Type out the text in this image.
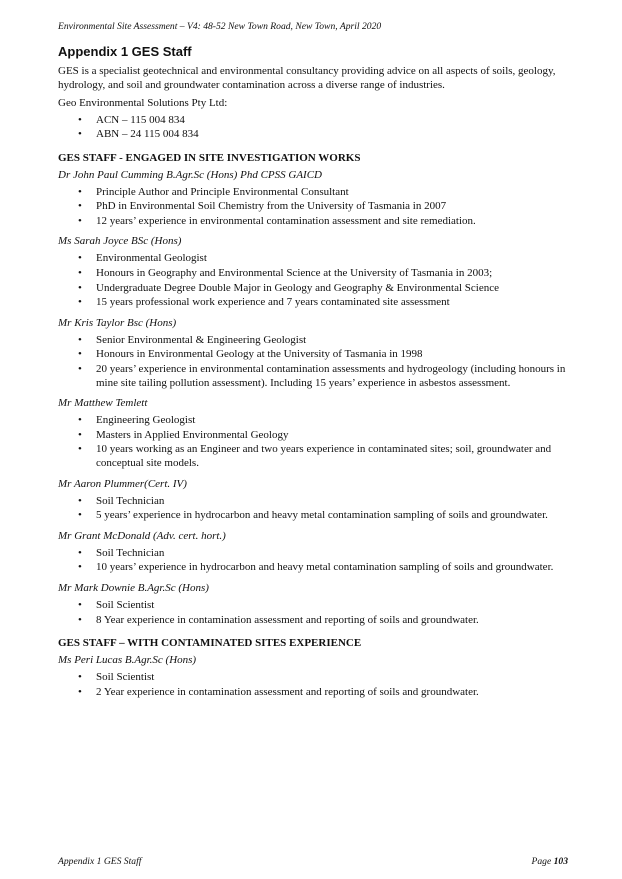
Environmental Site Assessment – V4: 48-52 New Town Road, New Town, April 2020
Appendix 1 GES Staff

GES is a specialist geotechnical and environmental consultancy providing advice on all aspects of soils, geology, hydrology, and soil and groundwater contamination across a diverse range of industries.

Geo Environmental Solutions Pty Ltd:

• ACN – 115 004 834
• ABN – 24 115 004 834
GES STAFF - ENGAGED IN SITE INVESTIGATION WORKS
Dr John Paul Cumming B.Agr.Sc (Hons) Phd CPSS GAICD
• Principle Author and Principle Environmental Consultant
• PhD in Environmental Soil Chemistry from the University of Tasmania in 2007
• 12 years’ experience in environmental contamination assessment and site remediation.
Ms Sarah Joyce BSc (Hons)
• Environmental Geologist
• Honours in Geography and Environmental Science at the University of Tasmania in 2003;
• Undergraduate Degree Double Major in Geology and Geography & Environmental Science
• 15 years professional work experience and 7 years contaminated site assessment
Mr Kris Taylor Bsc (Hons)
• Senior Environmental & Engineering Geologist
• Honours in Environmental Geology at the University of Tasmania in 1998
• 20 years’ experience in environmental contamination assessments and hydrogeology (including honours in mine site tailing pollution assessment). Including 15 years’ experience in asbestos assessment.
Mr Matthew Temlett
• Engineering Geologist
• Masters in Applied Environmental Geology
• 10 years working as an Engineer and two years experience in contaminated sites; soil, groundwater and conceptual site models.
Mr Aaron Plummer(Cert. IV)
• Soil Technician
• 5 years’ experience in hydrocarbon and heavy metal contamination sampling of soils and groundwater.
Mr Grant McDonald (Adv. cert. hort.)
• Soil Technician
• 10 years’ experience in hydrocarbon and heavy metal contamination sampling of soils and groundwater.
Mr Mark Downie B.Agr.Sc (Hons)
• Soil Scientist
• 8 Year experience in contamination assessment and reporting of soils and groundwater.
GES STAFF – WITH CONTAMINATED SITES EXPERIENCE
Ms Peri Lucas B.Agr.Sc (Hons)
• Soil Scientist
• 2 Year experience in contamination assessment and reporting of soils and groundwater.
Appendix 1 GES Staff	Page 103
